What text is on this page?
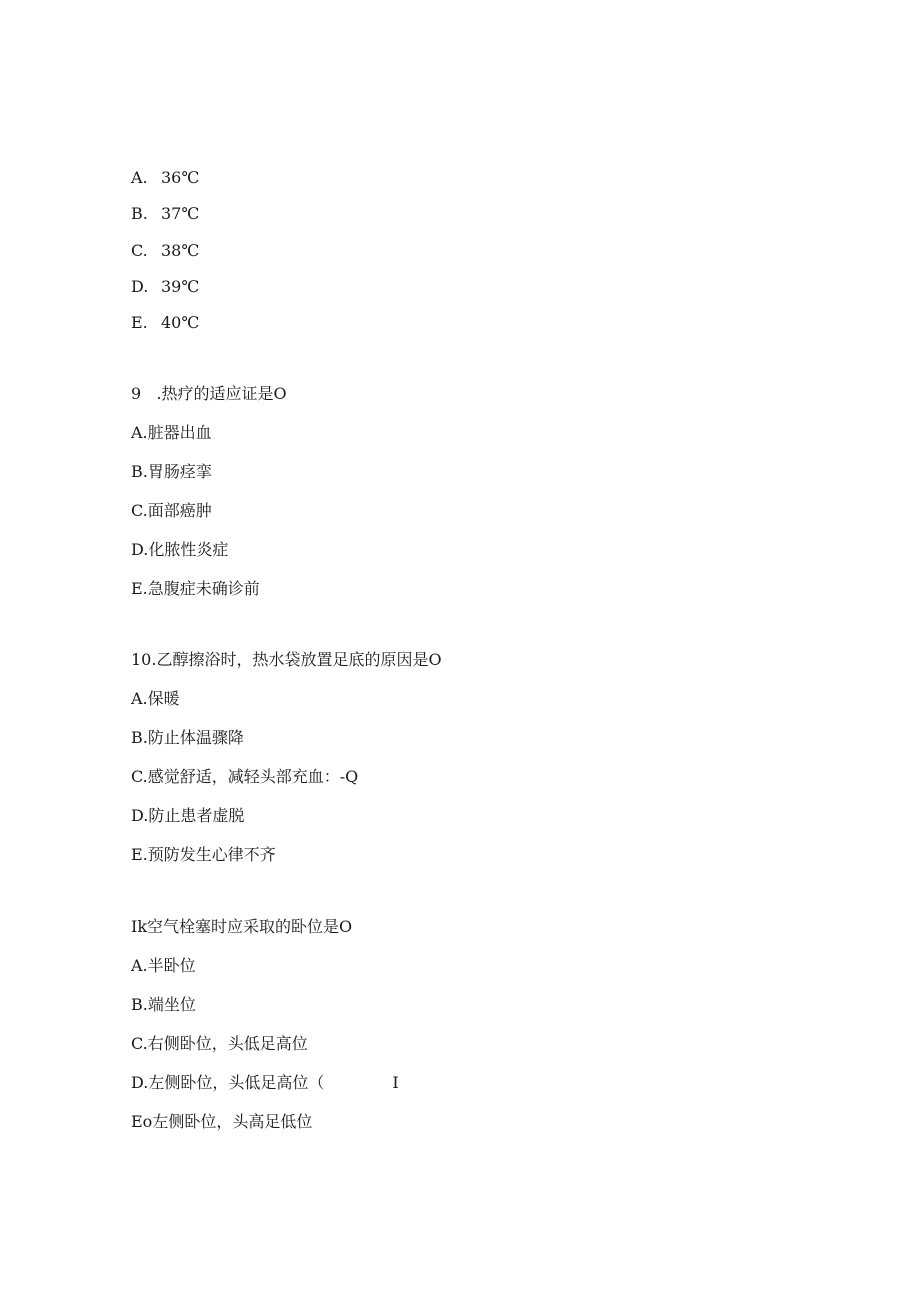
A. 36℃
B. 37℃
C. 38℃
D. 39℃
E. 40℃
9   .热疗的适应证是O
A.脏器出血
B.胃肠痉挛
C.面部癌肿
D.化脓性炎症
E.急腹症未确诊前
10.乙醇擦浴时，热水袋放置足底的原因是O
A.保暖
B.防止体温骤降
C.感觉舒适，减轻头部充血：-Q
D.防止患者虚脱
E.预防发生心律不齐
Ik空气栓塞时应采取的卧位是O
A.半卧位
B.端坐位
C.右侧卧位，头低足高位
D.左侧卧位，头低足高位（	I
Eo左侧卧位，头高足低位
